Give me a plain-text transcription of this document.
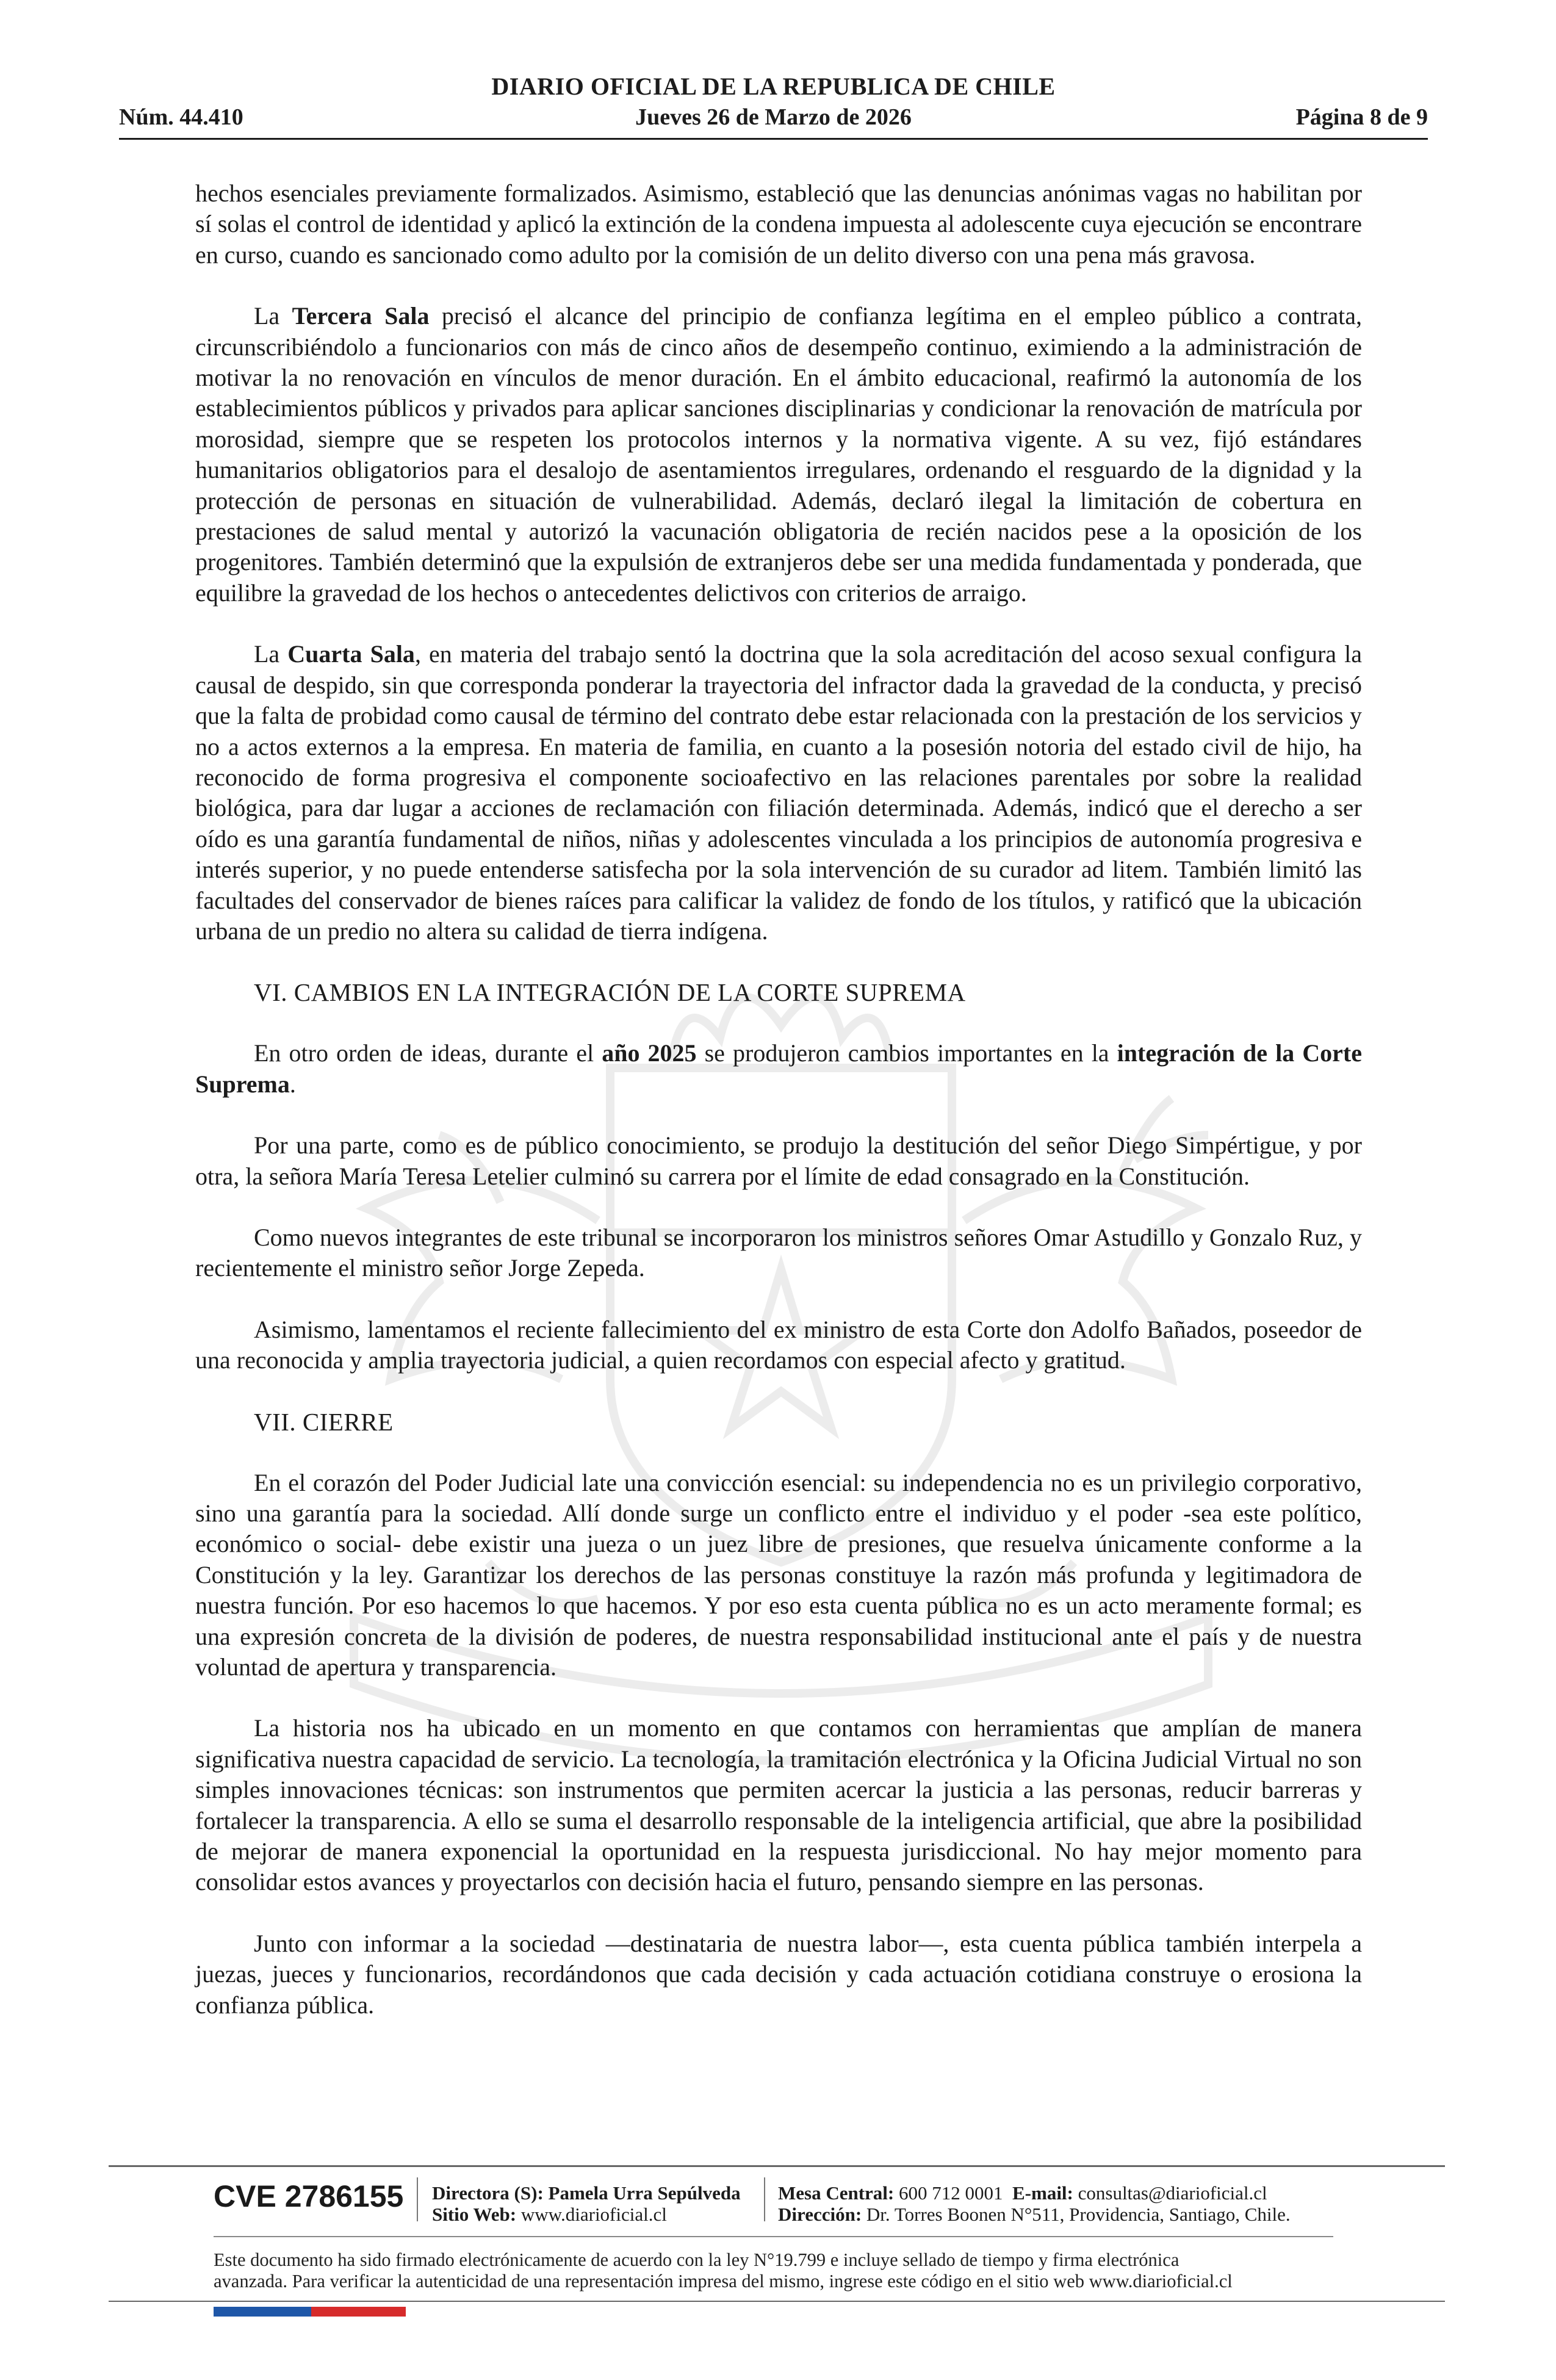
DIARIO OFICIAL DE LA REPUBLICA DE CHILE
Núm. 44.410	Jueves 26 de Marzo de 2026	Página 8 de 9

hechos esenciales previamente formalizados. Asimismo, estableció que las denuncias anónimas vagas no habilitan por sí solas el control de identidad y aplicó la extinción de la condena impuesta al adolescente cuya ejecución se encontrare en curso, cuando es sancionado como adulto por la comisión de un delito diverso con una pena más gravosa.

La Tercera Sala precisó el alcance del principio de confianza legítima en el empleo público a contrata, circunscribiéndolo a funcionarios con más de cinco años de desempeño continuo, eximiendo a la administración de motivar la no renovación en vínculos de menor duración. En el ámbito educacional, reafirmó la autonomía de los establecimientos públicos y privados para aplicar sanciones disciplinarias y condicionar la renovación de matrícula por morosidad, siempre que se respeten los protocolos internos y la normativa vigente. A su vez, fijó estándares humanitarios obligatorios para el desalojo de asentamientos irregulares, ordenando el resguardo de la dignidad y la protección de personas en situación de vulnerabilidad. Además, declaró ilegal la limitación de cobertura en prestaciones de salud mental y autorizó la vacunación obligatoria de recién nacidos pese a la oposición de los progenitores. También determinó que la expulsión de extranjeros debe ser una medida fundamentada y ponderada, que equilibre la gravedad de los hechos o antecedentes delictivos con criterios de arraigo.

La Cuarta Sala, en materia del trabajo sentó la doctrina que la sola acreditación del acoso sexual configura la causal de despido, sin que corresponda ponderar la trayectoria del infractor dada la gravedad de la conducta, y precisó que la falta de probidad como causal de término del contrato debe estar relacionada con la prestación de los servicios y no a actos externos a la empresa. En materia de familia, en cuanto a la posesión notoria del estado civil de hijo, ha reconocido de forma progresiva el componente socioafectivo en las relaciones parentales por sobre la realidad biológica, para dar lugar a acciones de reclamación con filiación determinada. Además, indicó que el derecho a ser oído es una garantía fundamental de niños, niñas y adolescentes vinculada a los principios de autonomía progresiva e interés superior, y no puede entenderse satisfecha por la sola intervención de su curador ad litem. También limitó las facultades del conservador de bienes raíces para calificar la validez de fondo de los títulos, y ratificó que la ubicación urbana de un predio no altera su calidad de tierra indígena.

VI. CAMBIOS EN LA INTEGRACIÓN DE LA CORTE SUPREMA

En otro orden de ideas, durante el año 2025 se produjeron cambios importantes en la integración de la Corte Suprema.

Por una parte, como es de público conocimiento, se produjo la destitución del señor Diego Simpértigue, y por otra, la señora María Teresa Letelier culminó su carrera por el límite de edad consagrado en la Constitución.

Como nuevos integrantes de este tribunal se incorporaron los ministros señores Omar Astudillo y Gonzalo Ruz, y recientemente el ministro señor Jorge Zepeda.

Asimismo, lamentamos el reciente fallecimiento del ex ministro de esta Corte don Adolfo Bañados, poseedor de una reconocida y amplia trayectoria judicial, a quien recordamos con especial afecto y gratitud.

VII. CIERRE

En el corazón del Poder Judicial late una convicción esencial: su independencia no es un privilegio corporativo, sino una garantía para la sociedad. Allí donde surge un conflicto entre el individuo y el poder -sea este político, económico o social- debe existir una jueza o un juez libre de presiones, que resuelva únicamente conforme a la Constitución y la ley. Garantizar los derechos de las personas constituye la razón más profunda y legitimadora de nuestra función. Por eso hacemos lo que hacemos. Y por eso esta cuenta pública no es un acto meramente formal; es una expresión concreta de la división de poderes, de nuestra responsabilidad institucional ante el país y de nuestra voluntad de apertura y transparencia.

La historia nos ha ubicado en un momento en que contamos con herramientas que amplían de manera significativa nuestra capacidad de servicio. La tecnología, la tramitación electrónica y la Oficina Judicial Virtual no son simples innovaciones técnicas: son instrumentos que permiten acercar la justicia a las personas, reducir barreras y fortalecer la transparencia. A ello se suma el desarrollo responsable de la inteligencia artificial, que abre la posibilidad de mejorar de manera exponencial la oportunidad en la respuesta jurisdiccional. No hay mejor momento para consolidar estos avances y proyectarlos con decisión hacia el futuro, pensando siempre en las personas.

Junto con informar a la sociedad —destinataria de nuestra labor—, esta cuenta pública también interpela a juezas, jueces y funcionarios, recordándonos que cada decisión y cada actuación cotidiana construye o erosiona la confianza pública.

CVE 2786155 Directora (S): Pamela Urra Sepúlveda
Sitio Web: www.diarioficial.cl
Mesa Central: 600 712 0001 E-mail: consultas@diarioficial.cl
Dirección: Dr. Torres Boonen N°511, Providencia, Santiago, Chile.
Este documento ha sido firmado electrónicamente de acuerdo con la ley N°19.799 e incluye sellado de tiempo y firma electrónica
avanzada. Para verificar la autenticidad de una representación impresa del mismo, ingrese este código en el sitio web www.diarioficial.cl
